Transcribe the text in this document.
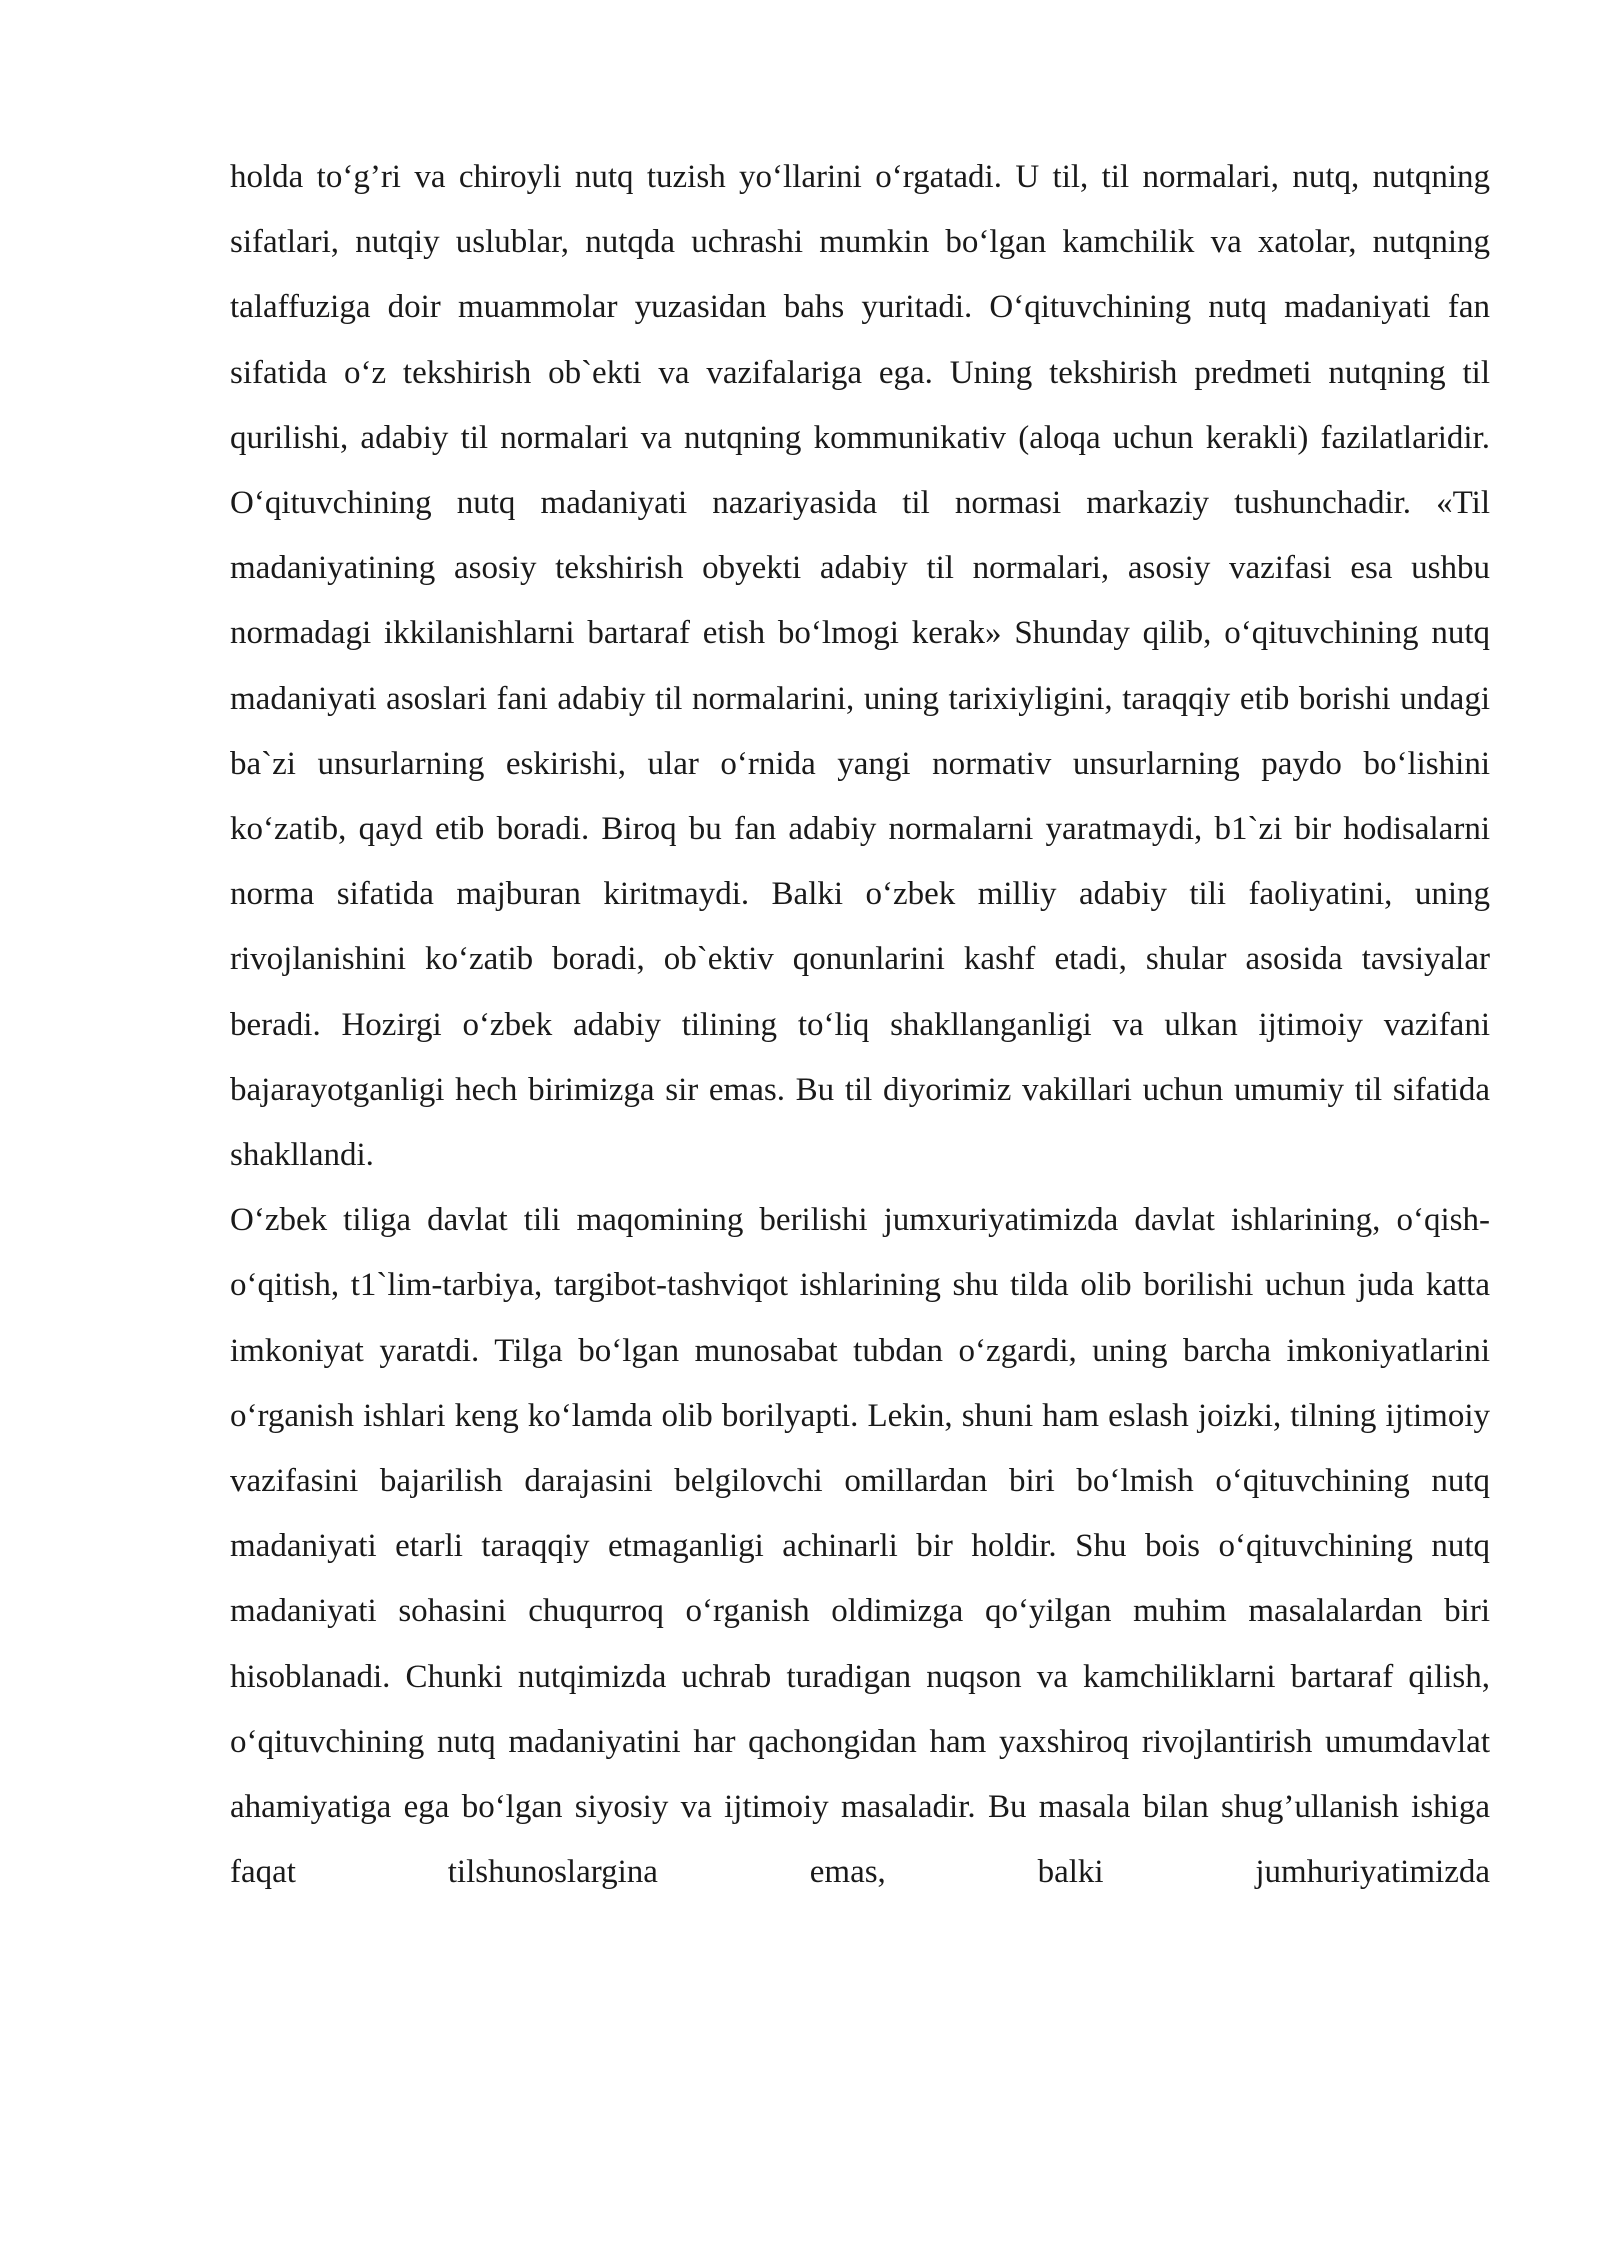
holda to‘g’ri va chiroyli nutq tuzish yo‘llarini o‘rgatadi. U til, til normalari, nutq, nutqning sifatlari, nutqiy uslublar, nutqda uchrashi mumkin bo‘lgan kamchilik va xatolar, nutqning talaffuziga doir muammolar yuzasidan bahs yuritadi. O‘qituvchining nutq madaniyati fan sifatida o‘z tekshirish ob`ekti va vazifalariga ega. Uning tekshirish predmeti nutqning til qurilishi, adabiy til normalari va nutqning kommunikativ (aloqa uchun kerakli) fazilatlaridir. O‘qituvchining nutq madaniyati nazariyasida til normasi markaziy tushunchadir. «Til madaniyatining asosiy tekshirish obyekti adabiy til normalari, asosiy vazifasi esa ushbu normadagi ikkilanishlarni bartaraf etish bo‘lmogi kerak» Shunday qilib, o‘qituvchining nutq madaniyati asoslari fani adabiy til normalarini, uning tarixiyligini, taraqqiy etib borishi undagi ba`zi unsurlarning eskirishi, ular o‘rnida yangi normativ unsurlarning paydo bo‘lishini ko‘zatib, qayd etib boradi. Biroq bu fan adabiy normalarni yaratmaydi, b1`zi bir hodisalarni norma sifatida majburan kiritmaydi. Balki o‘zbek milliy adabiy tili faoliyatini, uning rivojlanishini ko‘zatib boradi, ob`ektiv qonunlarini kashf etadi, shular asosida tavsiyalar beradi. Hozirgi o‘zbek adabiy tilining to‘liq shakllanganligi va ulkan ijtimoiy vazifani bajarayotganligi hech birimizga sir emas. Bu til diyorimiz vakillari uchun umumiy til sifatida shakllandi.

O‘zbek tiliga davlat tili maqomining berilishi jumxuriyatimizda davlat ishlarining, o‘qish-o‘qitish, t1`lim-tarbiya, targibot-tashviqot ishlarining shu tilda olib borilishi uchun juda katta imkoniyat yaratdi. Tilga bo‘lgan munosabat tubdan o‘zgardi, uning barcha imkoniyatlarini o‘rganish ishlari keng ko‘lamda olib borilyapti. Lekin, shuni ham eslash joizki, tilning ijtimoiy vazifasini bajarilish darajasini belgilovchi omillardan biri bo‘lmish o‘qituvchining nutq madaniyati etarli taraqqiy etmaganligi achinarli bir holdir. Shu bois o‘qituvchining nutq madaniyati sohasini chuqurroq o‘rganish oldimizga qo‘yilgan muhim masalalardan biri hisoblanadi. Chunki nutqimizda uchrab turadigan nuqson va kamchiliklarni bartaraf qilish, o‘qituvchining nutq madaniyatini har qachongidan ham yaxshiroq rivojlantirish umumdavlat ahamiyatiga ega bo‘lgan siyosiy va ijtimoiy masaladir. Bu masala bilan shug’ullanish ishiga faqat tilshunoslargina emas, balki jumhuriyatimizda
